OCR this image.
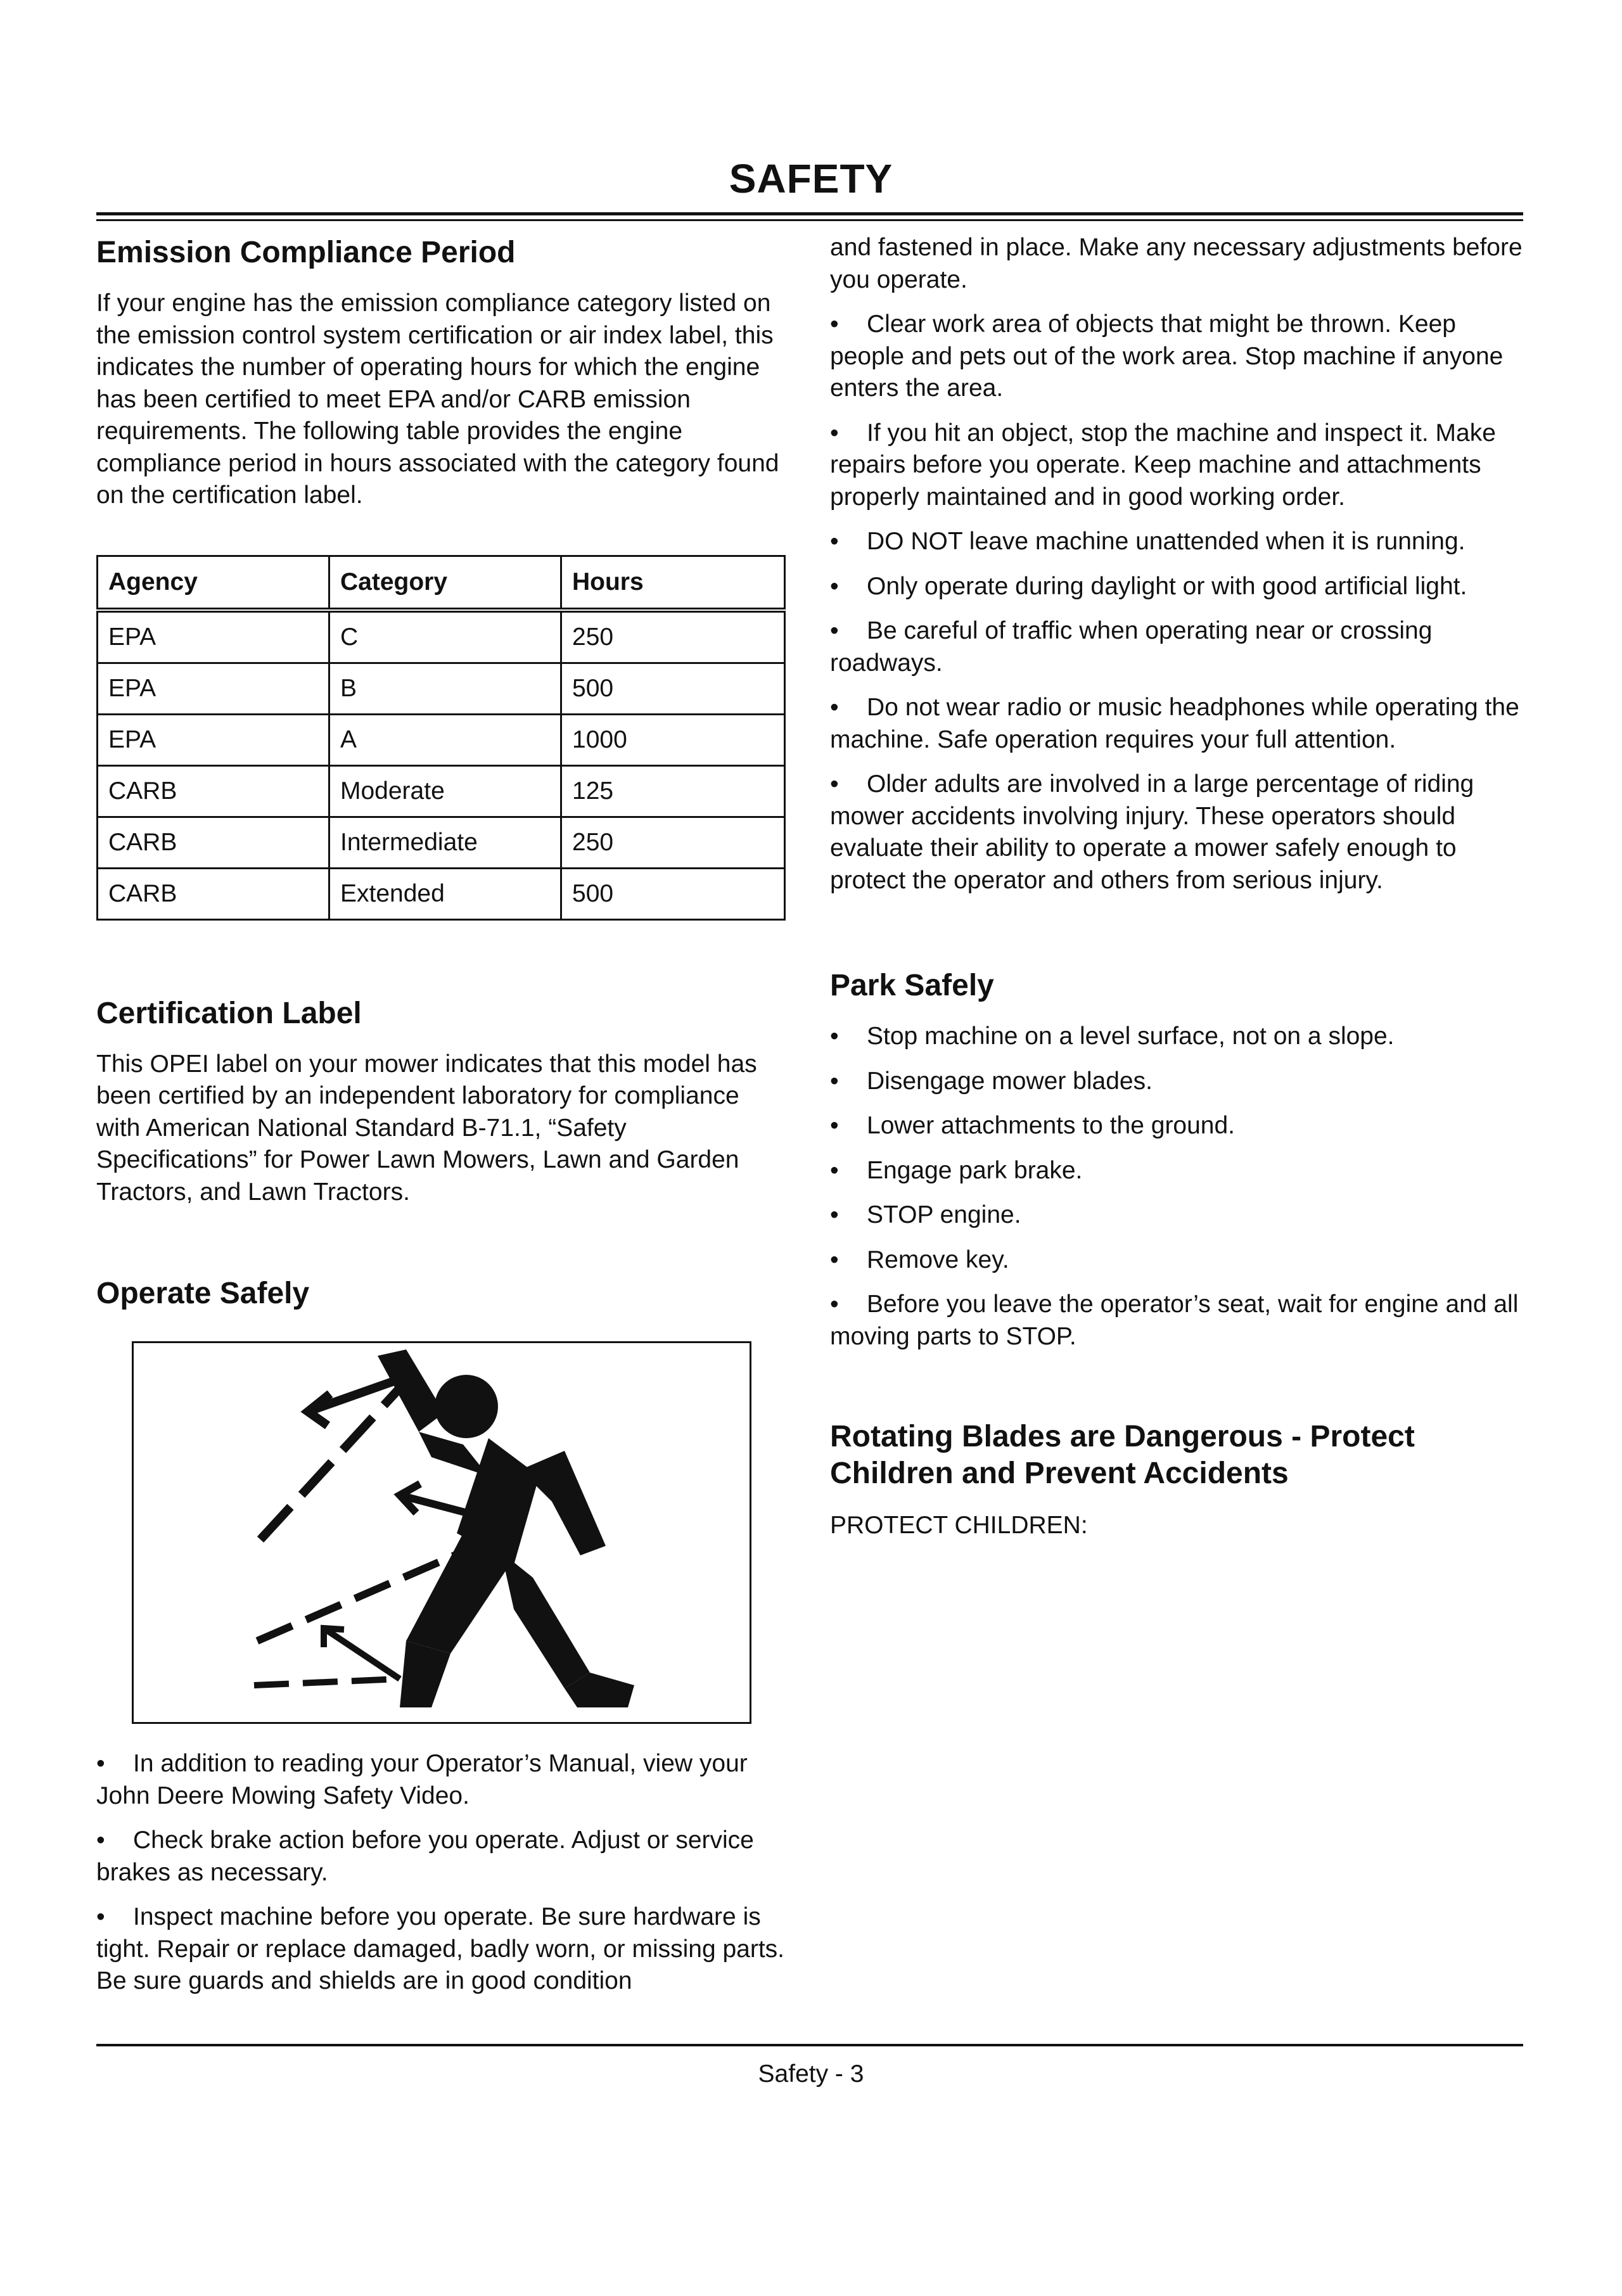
SAFETY
Emission Compliance Period

If your engine has the emission compliance category listed on the emission control system certification or air index label, this indicates the number of operating hours for which the engine has been certified to meet EPA and/or CARB emission requirements. The following table provides the engine compliance period in hours associated with the category found on the certification label.

Agency	Category	Hours
EPA	C	250
EPA	B	500
EPA	A	1000
CARB	Moderate	125
CARB	Intermediate	250
CARB	Extended	500
Certification Label

This OPEI label on your mower indicates that this model has been certified by an independent laboratory for compliance with American National Standard B-71.1, “Safety Specifications” for Power Lawn Mowers, Lawn and Garden Tractors, and Lawn Tractors.

Operate Safely
• In addition to reading your Operator’s Manual, view your John Deere Mowing Safety Video.
• Check brake action before you operate. Adjust or service brakes as necessary.
• Inspect machine before you operate. Be sure hardware is tight. Repair or replace damaged, badly worn, or missing parts. Be sure guards and shields are in good condition

and fastened in place. Make any necessary adjustments before you operate.

• Clear work area of objects that might be thrown. Keep people and pets out of the work area. Stop machine if anyone enters the area.
• If you hit an object, stop the machine and inspect it. Make repairs before you operate. Keep machine and attachments properly maintained and in good working order.
• DO NOT leave machine unattended when it is running.
• Only operate during daylight or with good artificial light.
• Be careful of traffic when operating near or crossing roadways.
• Do not wear radio or music headphones while operating the machine. Safe operation requires your full attention.
• Older adults are involved in a large percentage of riding mower accidents involving injury. These operators should evaluate their ability to operate a mower safely enough to protect the operator and others from serious injury.
Park Safely
• Stop machine on a level surface, not on a slope.
• Disengage mower blades.
• Lower attachments to the ground.
• Engage park brake.
• STOP engine.
• Remove key.
• Before you leave the operator’s seat, wait for engine and all moving parts to STOP.
Rotating Blades are Dangerous - Protect Children and Prevent Accidents

PROTECT CHILDREN:

Safety - 3
